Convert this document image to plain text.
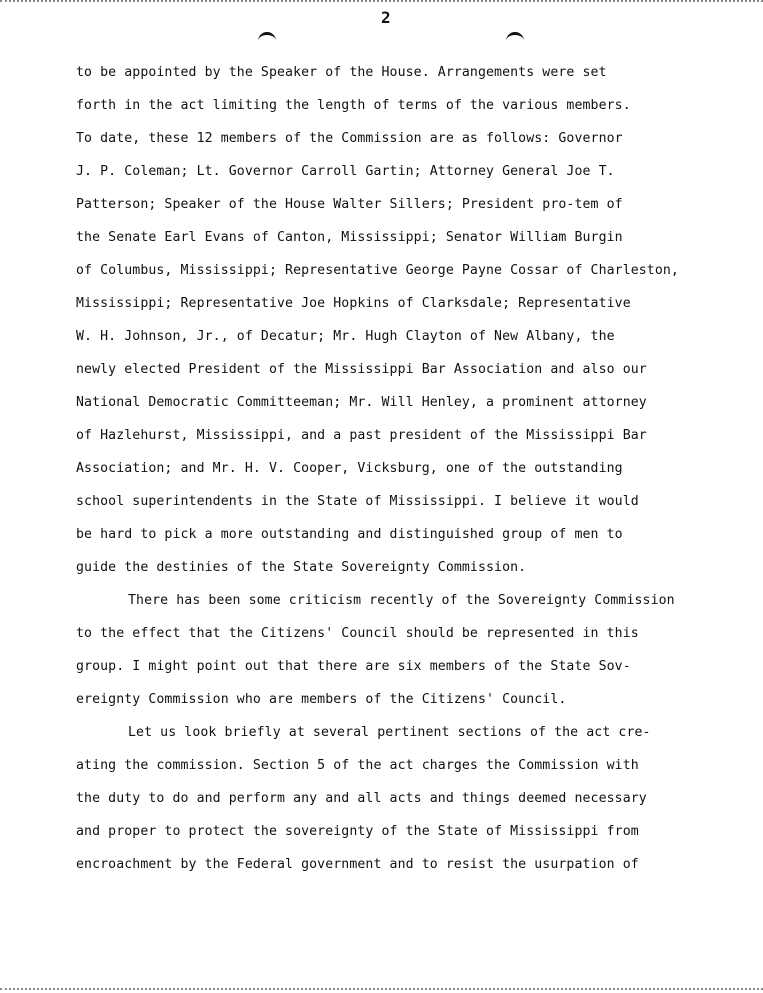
2
to be appointed by the Speaker of the House. Arrangements were set
forth in the act limiting the length of terms of the various members.
To date, these 12 members of the Commission are as follows: Governor
J. P. Coleman; Lt. Governor Carroll Gartin; Attorney General Joe T.
Patterson; Speaker of the House Walter Sillers; President pro-tem of
the Senate Earl Evans of Canton, Mississippi; Senator William Burgin
of Columbus, Mississippi; Representative George Payne Cossar of Charleston,
Mississippi; Representative Joe Hopkins of Clarksdale; Representative
W. H. Johnson, Jr., of Decatur; Mr. Hugh Clayton of New Albany, the
newly elected President of the Mississippi Bar Association and also our
National Democratic Committeeman; Mr. Will Henley, a prominent attorney
of Hazlehurst, Mississippi, and a past president of the Mississippi Bar
Association; and Mr. H. V. Cooper, Vicksburg, one of the outstanding
school superintendents in the State of Mississippi. I believe it would
be hard to pick a more outstanding and distinguished group of men to
guide the destinies of the State Sovereignty Commission.
There has been some criticism recently of the Sovereignty Commission
to the effect that the Citizens' Council should be represented in this
group. I might point out that there are six members of the State Sov-
ereignty Commission who are members of the Citizens' Council.
Let us look briefly at several pertinent sections of the act cre-
ating the commission. Section 5 of the act charges the Commission with
the duty to do and perform any and all acts and things deemed necessary
and proper to protect the sovereignty of the State of Mississippi from
encroachment by the Federal government and to resist the usurpation of
